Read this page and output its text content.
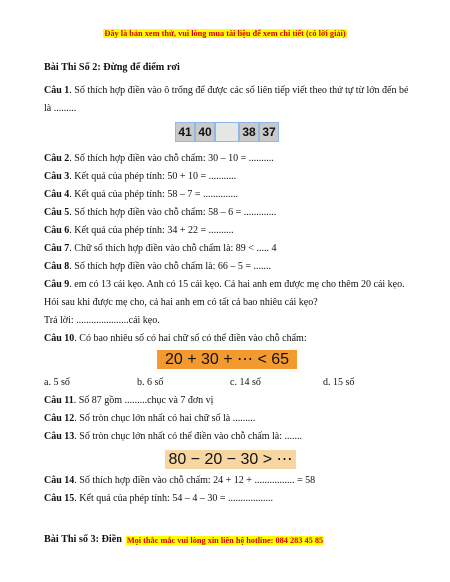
Đây là bản xem thử, vui lòng mua tài liệu để xem chi tiết (có lời giải)
Bài Thi Số 2: Đừng để điểm rơi

Câu 1. Số thích hợp điền vào ô trống để được các số liên tiếp viết theo thứ tự từ lớn đến bé là .........

41 40	38 37

Câu 2. Số thích hợp điền vào chỗ chấm: 30 – 10 = ..........

Câu 3. Kết quả của phép tính: 50 + 10 = ...........

Câu 4. Kết quả của phép tính: 58 – 7 = ..............

Câu 5. Số thích hợp điền vào chỗ chấm: 58 – 6 = .............

Câu 6. Kết quả của phép tính: 34 + 22 = ..........

Câu 7. Chữ số thích hợp điền vào chỗ chấm là: 89 < ..... 4

Câu 8. Số thích hợp điền vào chỗ chấm là: 66 – 5 = .......

Câu 9. em có 13 cái kẹo. Anh có 15 cái kẹo. Cả hai anh em được mẹ cho thêm 20 cái kẹo. Hỏi sau khi được mẹ cho, cả hai anh em có tất cả bao nhiêu cái kẹo?

Trả lời: .....................cái kẹo.

Câu 10. Có bao nhiêu số có hai chữ số có thể điền vào chỗ chấm:

20 + 30 + ⋯ < 65
a. 5 số	b. 6 số	c. 14 số	d. 15 số

Câu 11. Số 87 gồm .........chục và 7 đơn vị

Câu 12. Số tròn chục lớn nhất có hai chữ số là .........

Câu 13. Số tròn chục lớn nhất có thể điền vào chỗ chấm là: .......

80 − 20 − 30 > ⋯

Câu 14. Số thích hợp điền vào chỗ chấm: 24 + 12 + ................ = 58

Câu 15. Kết quả của phép tính: 54 – 4 – 30 = ..................

Bài Thi số 3: Điền Mọi thắc mắc vui lòng xin liên hệ hotline: 084 283 45 85
